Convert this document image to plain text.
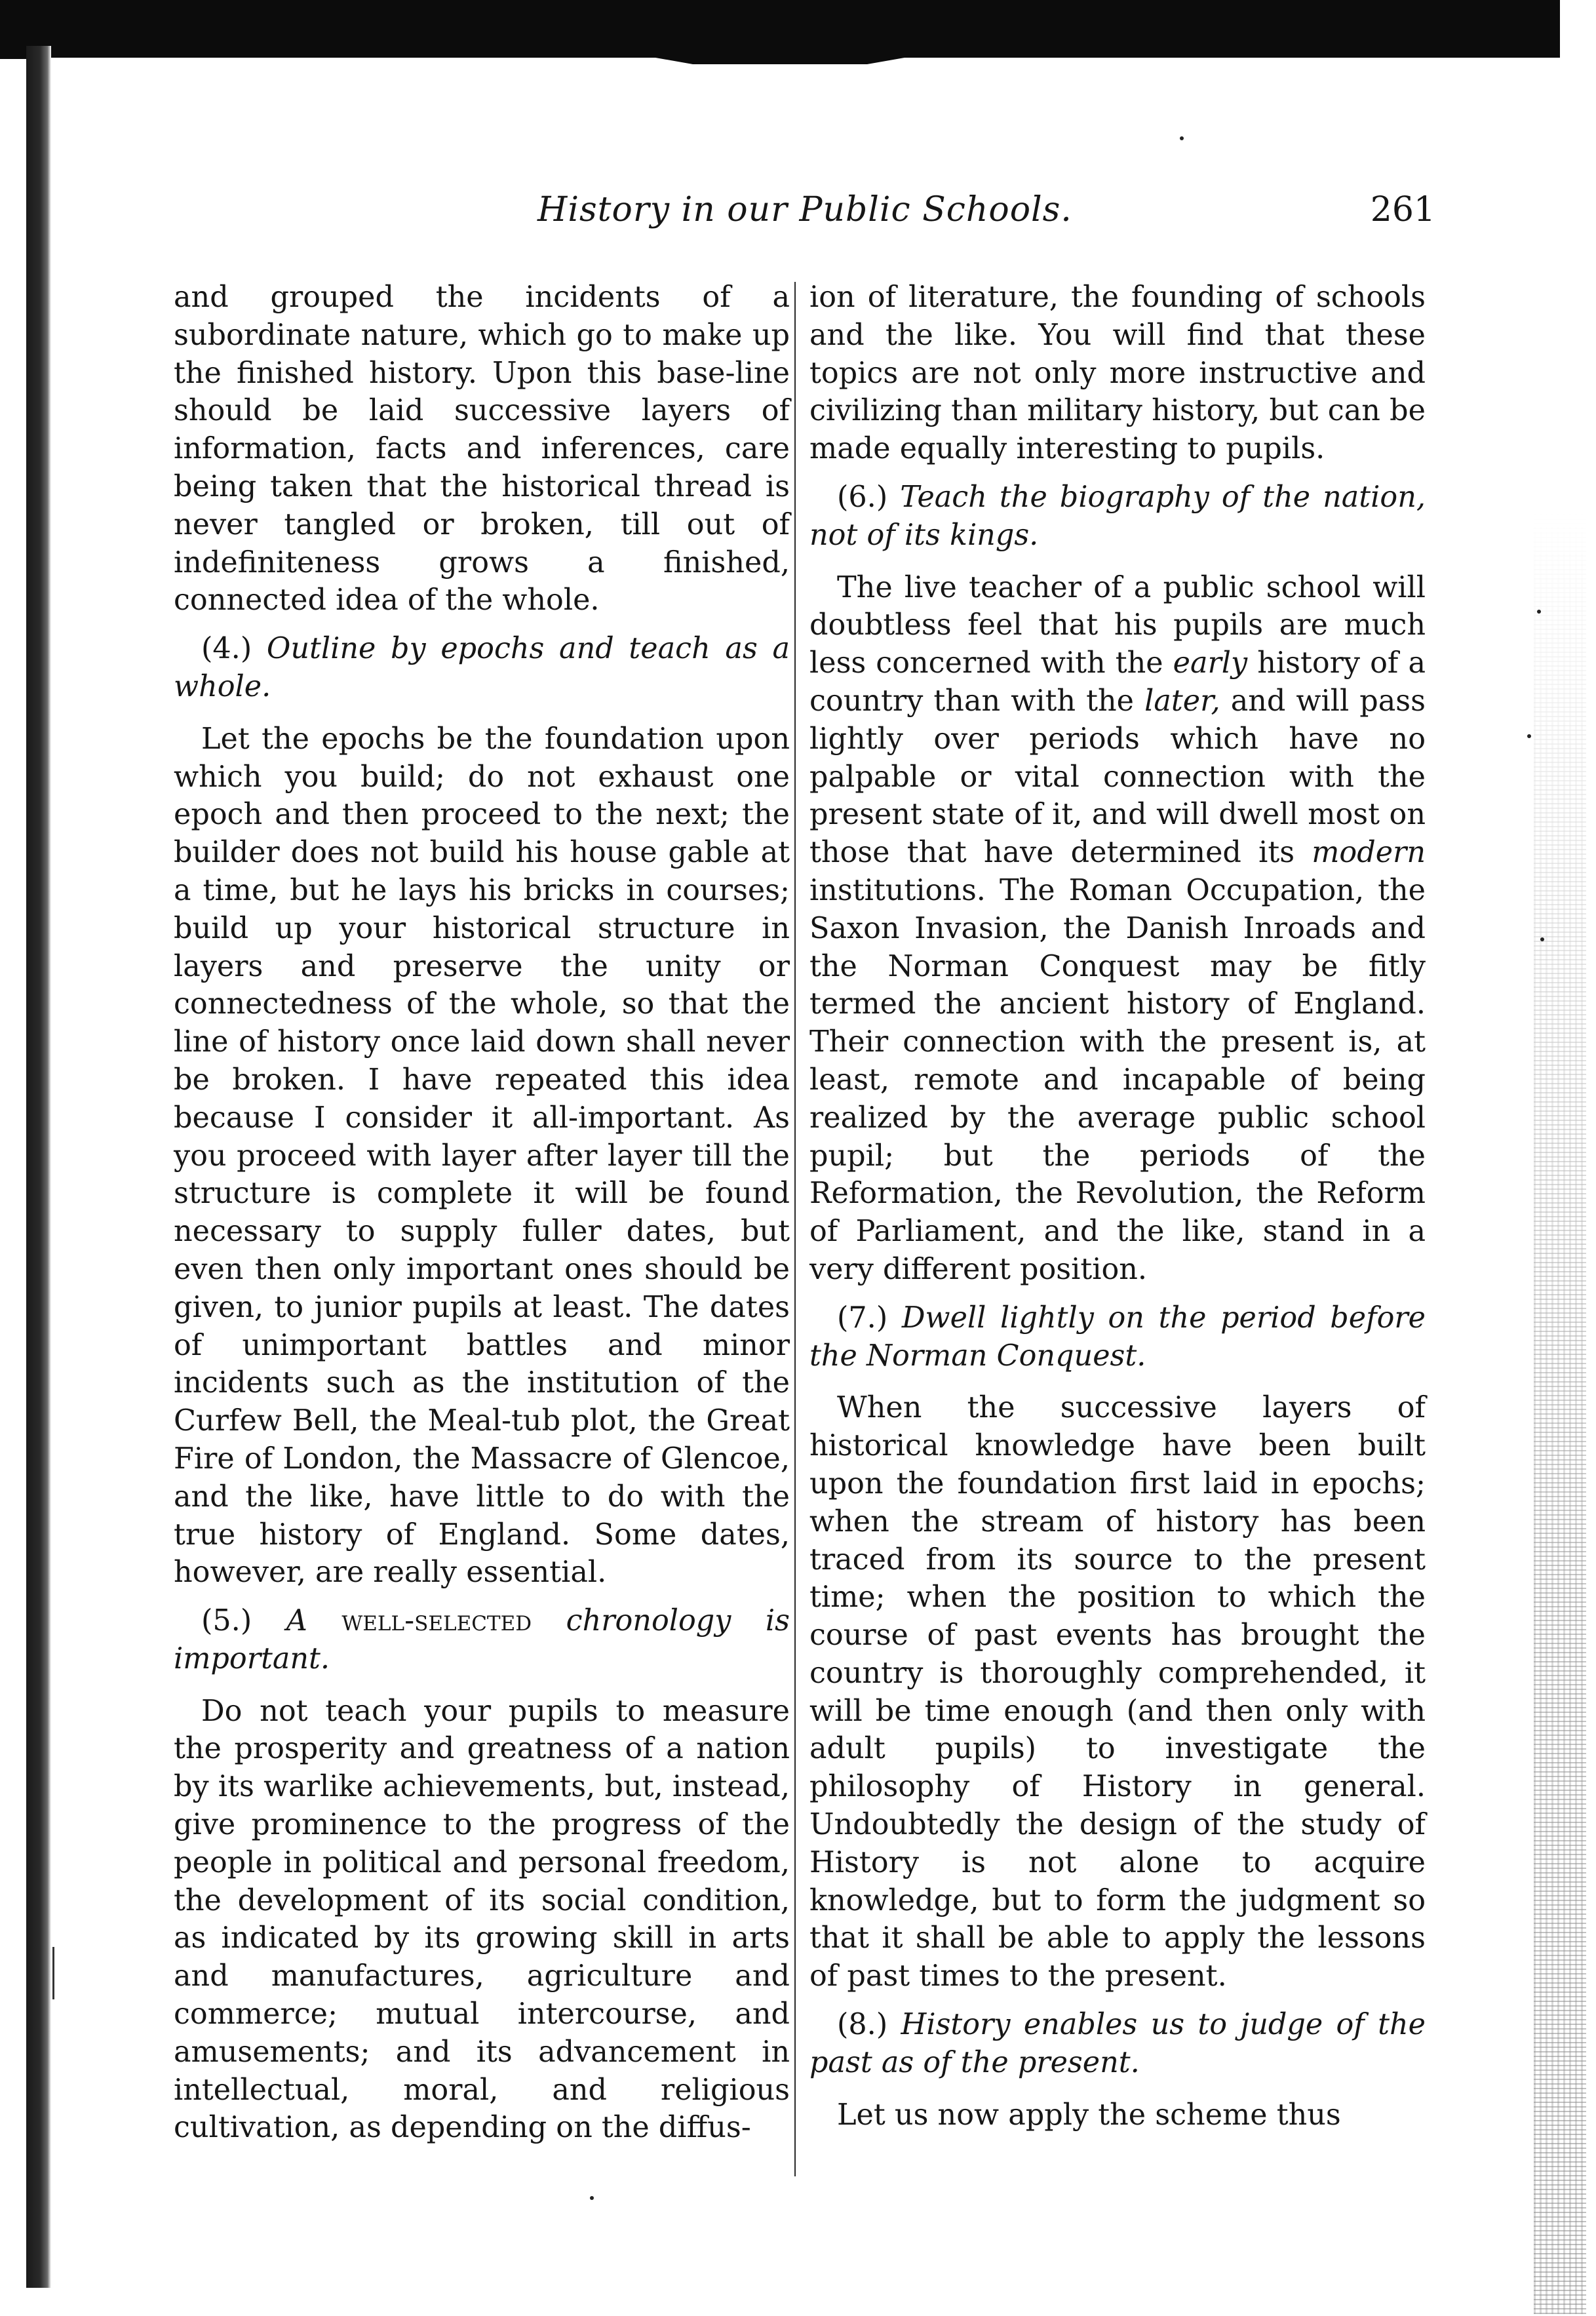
History in our Public Schools.	261

and grouped the incidents of a subordinate nature, which go to make up the finished history. Upon this base-line should be laid successive layers of information, facts and inferences, care being taken that the historical thread is never tangled or broken, till out of indefiniteness grows a finished, connected idea of the whole.

(4.) Outline by epochs and teach as a whole.

Let the epochs be the foundation upon which you build; do not exhaust one epoch and then proceed to the next; the builder does not build his house gable at a time, but he lays his bricks in courses; build up your historical structure in layers and preserve the unity or connectedness of the whole, so that the line of history once laid down shall never be broken. I have repeated this idea because I consider it all-important. As you proceed with layer after layer till the structure is complete it will be found necessary to supply fuller dates, but even then only important ones should be given, to junior pupils at least. The dates of unimportant battles and minor incidents such as the institution of the Curfew Bell, the Meal-tub plot, the Great Fire of London, the Massacre of Glencoe, and the like, have little to do with the true history of England. Some dates, however, are really essential.

(5.) A well-selected chronology is important.

Do not teach your pupils to measure the prosperity and greatness of a nation by its warlike achievements, but, instead, give prominence to the progress of the people in political and personal freedom, the development of its social condition, as indicated by its growing skill in arts and manufactures, agriculture and commerce; mutual intercourse, and amusements; and its advancement in intellectual, moral, and religious cultivation, as depending on the diffus-

ion of literature, the founding of schools and the like. You will find that these topics are not only more instructive and civilizing than military history, but can be made equally interesting to pupils.

(6.) Teach the biography of the nation, not of its kings.

The live teacher of a public school will doubtless feel that his pupils are much less concerned with the early history of a country than with the later, and will pass lightly over periods which have no palpable or vital connection with the present state of it, and will dwell most on those that have determined its modern institutions. The Roman Occupation, the Saxon Invasion, the Danish Inroads and the Norman Conquest may be fitly termed the ancient history of England. Their connection with the present is, at least, remote and incapable of being realized by the average public school pupil; but the periods of the Reformation, the Revolution, the Reform of Parliament, and the like, stand in a very different position.

(7.) Dwell lightly on the period before the Norman Conquest.

When the successive layers of historical knowledge have been built upon the foundation first laid in epochs; when the stream of history has been traced from its source to the present time; when the position to which the course of past events has brought the country is thoroughly comprehended, it will be time enough (and then only with adult pupils) to investigate the philosophy of History in general. Undoubtedly the design of the study of History is not alone to acquire knowledge, but to form the judgment so that it shall be able to apply the lessons of past times to the present.

(8.) History enables us to judge of the past as of the present.

Let us now apply the scheme thus
